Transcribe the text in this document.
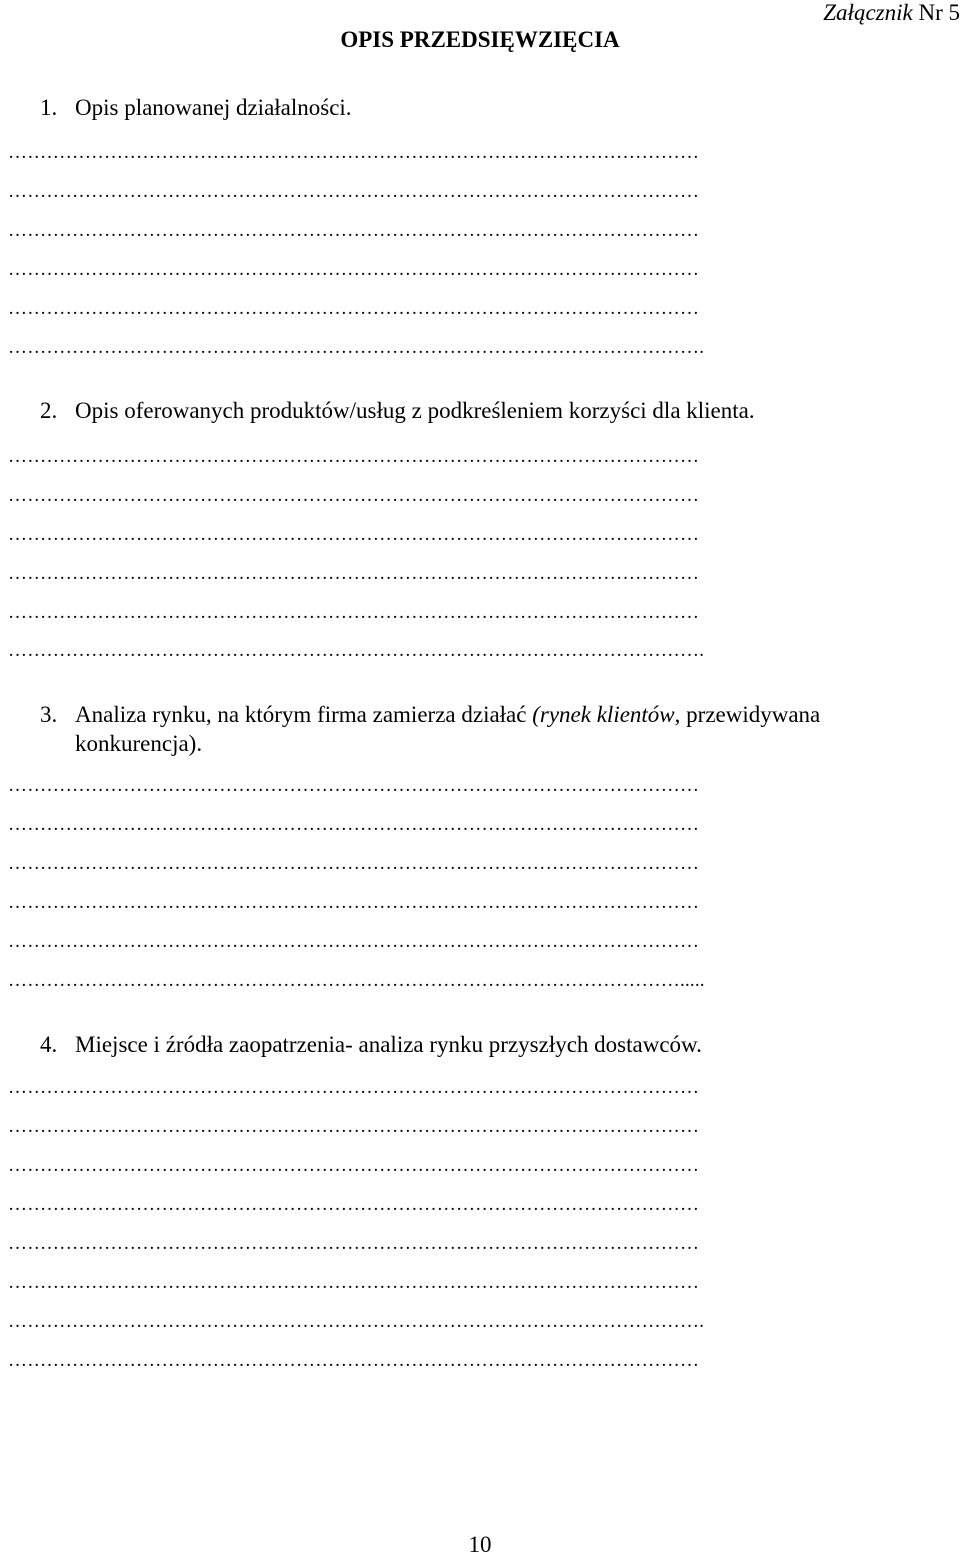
Załącznik Nr 5
OPIS PRZEDSIĘWZIĘCIA
1. Opis planowanej działalności.
………………………………………………………………………………………………
………………………………………………………………………………………………
………………………………………………………………………………………………
………………………………………………………………………………………………
………………………………………………………………………………………………
……………………………………………………………………………………………….
2. Opis oferowanych produktów/usług z podkreśleniem korzyści dla klienta.
………………………………………………………………………………………………
………………………………………………………………………………………………
………………………………………………………………………………………………
………………………………………………………………………………………………
………………………………………………………………………………………………
……………………………………………………………………………………………….
3. Analiza rynku, na którym firma zamierza działać (rynek klientów, przewidywana
konkurencja).
………………………………………………………………………………………………
………………………………………………………………………………………………
………………………………………………………………………………………………
………………………………………………………………………………………………
………………………………………………………………………………………………
…………………………………………………………………………………………….....
4. Miejsce i źródła zaopatrzenia- analiza rynku przyszłych dostawców.
………………………………………………………………………………………………
………………………………………………………………………………………………
………………………………………………………………………………………………
………………………………………………………………………………………………
………………………………………………………………………………………………
………………………………………………………………………………………………
……………………………………………………………………………………………….
………………………………………………………………………………………………
10
